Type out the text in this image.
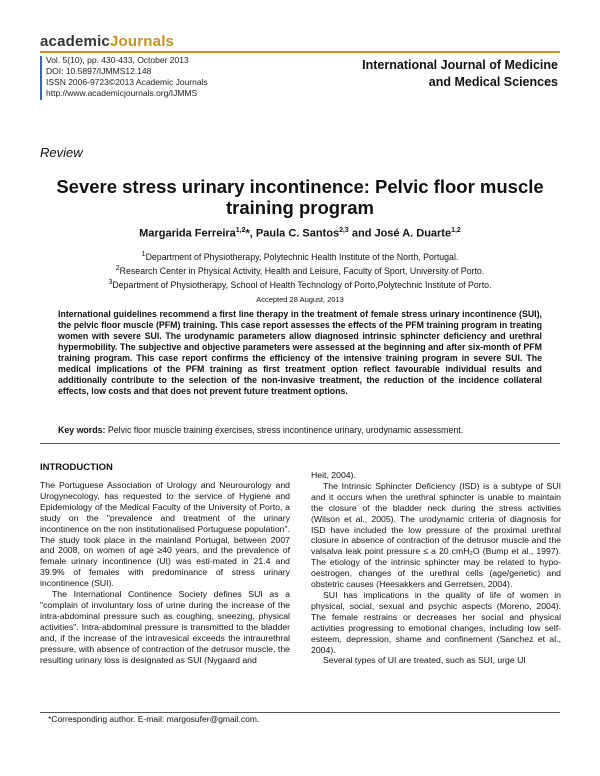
academicJournals
Vol. 5(10), pp. 430-433, October 2013
DOI: 10.5897/IJMMS12.148
ISSN 2006-9723©2013 Academic Journals
http://www.academicjournals.org/IJMMS
International Journal of Medicine
and Medical Sciences
Review
Severe stress urinary incontinence: Pelvic floor muscle training program
Margarida Ferreira$^{1,2}$*, Paula C. Santos$^{2,3}$ and José A. Duarte$^{1,2}$
$^1$Department of Physiotherapy, Polytechnic Health Institute of the North, Portugal.
$^2$Research Center in Physical Activity, Health and Leisure, Faculty of Sport, University of Porto.
$^3$Department of Physiotherapy, School of Health Technology of Porto,Polytechnic Institute of Porto.
Accepted 28 August, 2013
International guidelines recommend a first line therapy in the treatment of female stress urinary incontinence (SUI), the pelvic floor muscle (PFM) training. This case report assesses the effects of the PFM training program in treating women with severe SUI. The urodynamic parameters allow diagnosed intrinsic sphincter deficiency and urethral hypermobility. The subjective and objective parameters were assessed at the beginning and after six-month of PFM training program. This case report confirms the efficiency of the intensive training program in severe SUI. The medical implications of the PFM training as first treatment option reflect favourable individual results and additionally contribute to the selection of the non-invasive treatment, the reduction of the incidence collateral effects, low costs and that does not prevent future treatment options.
Key words: Pelvic floor muscle training exercises, stress incontinence urinary, urodynamic assessment.
INTRODUCTION

The Portuguese Association of Urology and Neurourology and Urogynecology, has requested to the service of Hygiene and Epidemiology of the Medical Faculty of the University of Porto, a study on the "prevalence and treatment of the urinary incontinence on the non institutionalised Portuguese population". The study took place in the mainland Portugal, between 2007 and 2008, on women of age ≥40 years, and the prevalence of female urinary incontinence (UI) was esti-mated in 21.4 and 39.9% of females with predominance of stress urinary incontinence (SUI).

The International Continence Society defines SUI as a "complain of involuntary loss of urine during the increase of the intra-abdominal pressure such as coughing, sneezing, physical activities". Intra-abdominal pressure is transmitted to the bladder and, if the increase of the intravesical exceeds the intraurethral pressure, with absence of contraction of the detrusor muscle, the resulting urinary loss is designated as SUI (Nygaard and

Heit, 2004).

The Intrinsic Sphincter Deficiency (ISD) is a subtype of SUI and it occurs when the urethral sphincter is unable to maintain the closure of the bladder neck during the stress activities (Wilson et al., 2005). The urodynamic criteria of diagnosis for ISD have included the low pressure of the proximal urethral closure in absence of contraction of the detrusor muscle and the valsalva leak point pressure ≤ a 20 cmH₂O (Bump et al., 1997). The etiology of the intrinsic sphincter may be related to hypo-oestrogen, changes of the urethral cells (age/genetic) and obstetric causes (Heesakkers and Gerretsen, 2004).

SUI has implications in the quality of life of women in physical, social, sexual and psychic aspects (Moreno, 2004). The female restrains or decreases her social and physical activities progressing to emotional changes, including low self-esteem, depression, shame and confinement (Sanchez et al., 2004).

Several types of UI are treated, such as SUI, urge UI

*Corresponding author. E-mail: margosufer@gmail.com.
